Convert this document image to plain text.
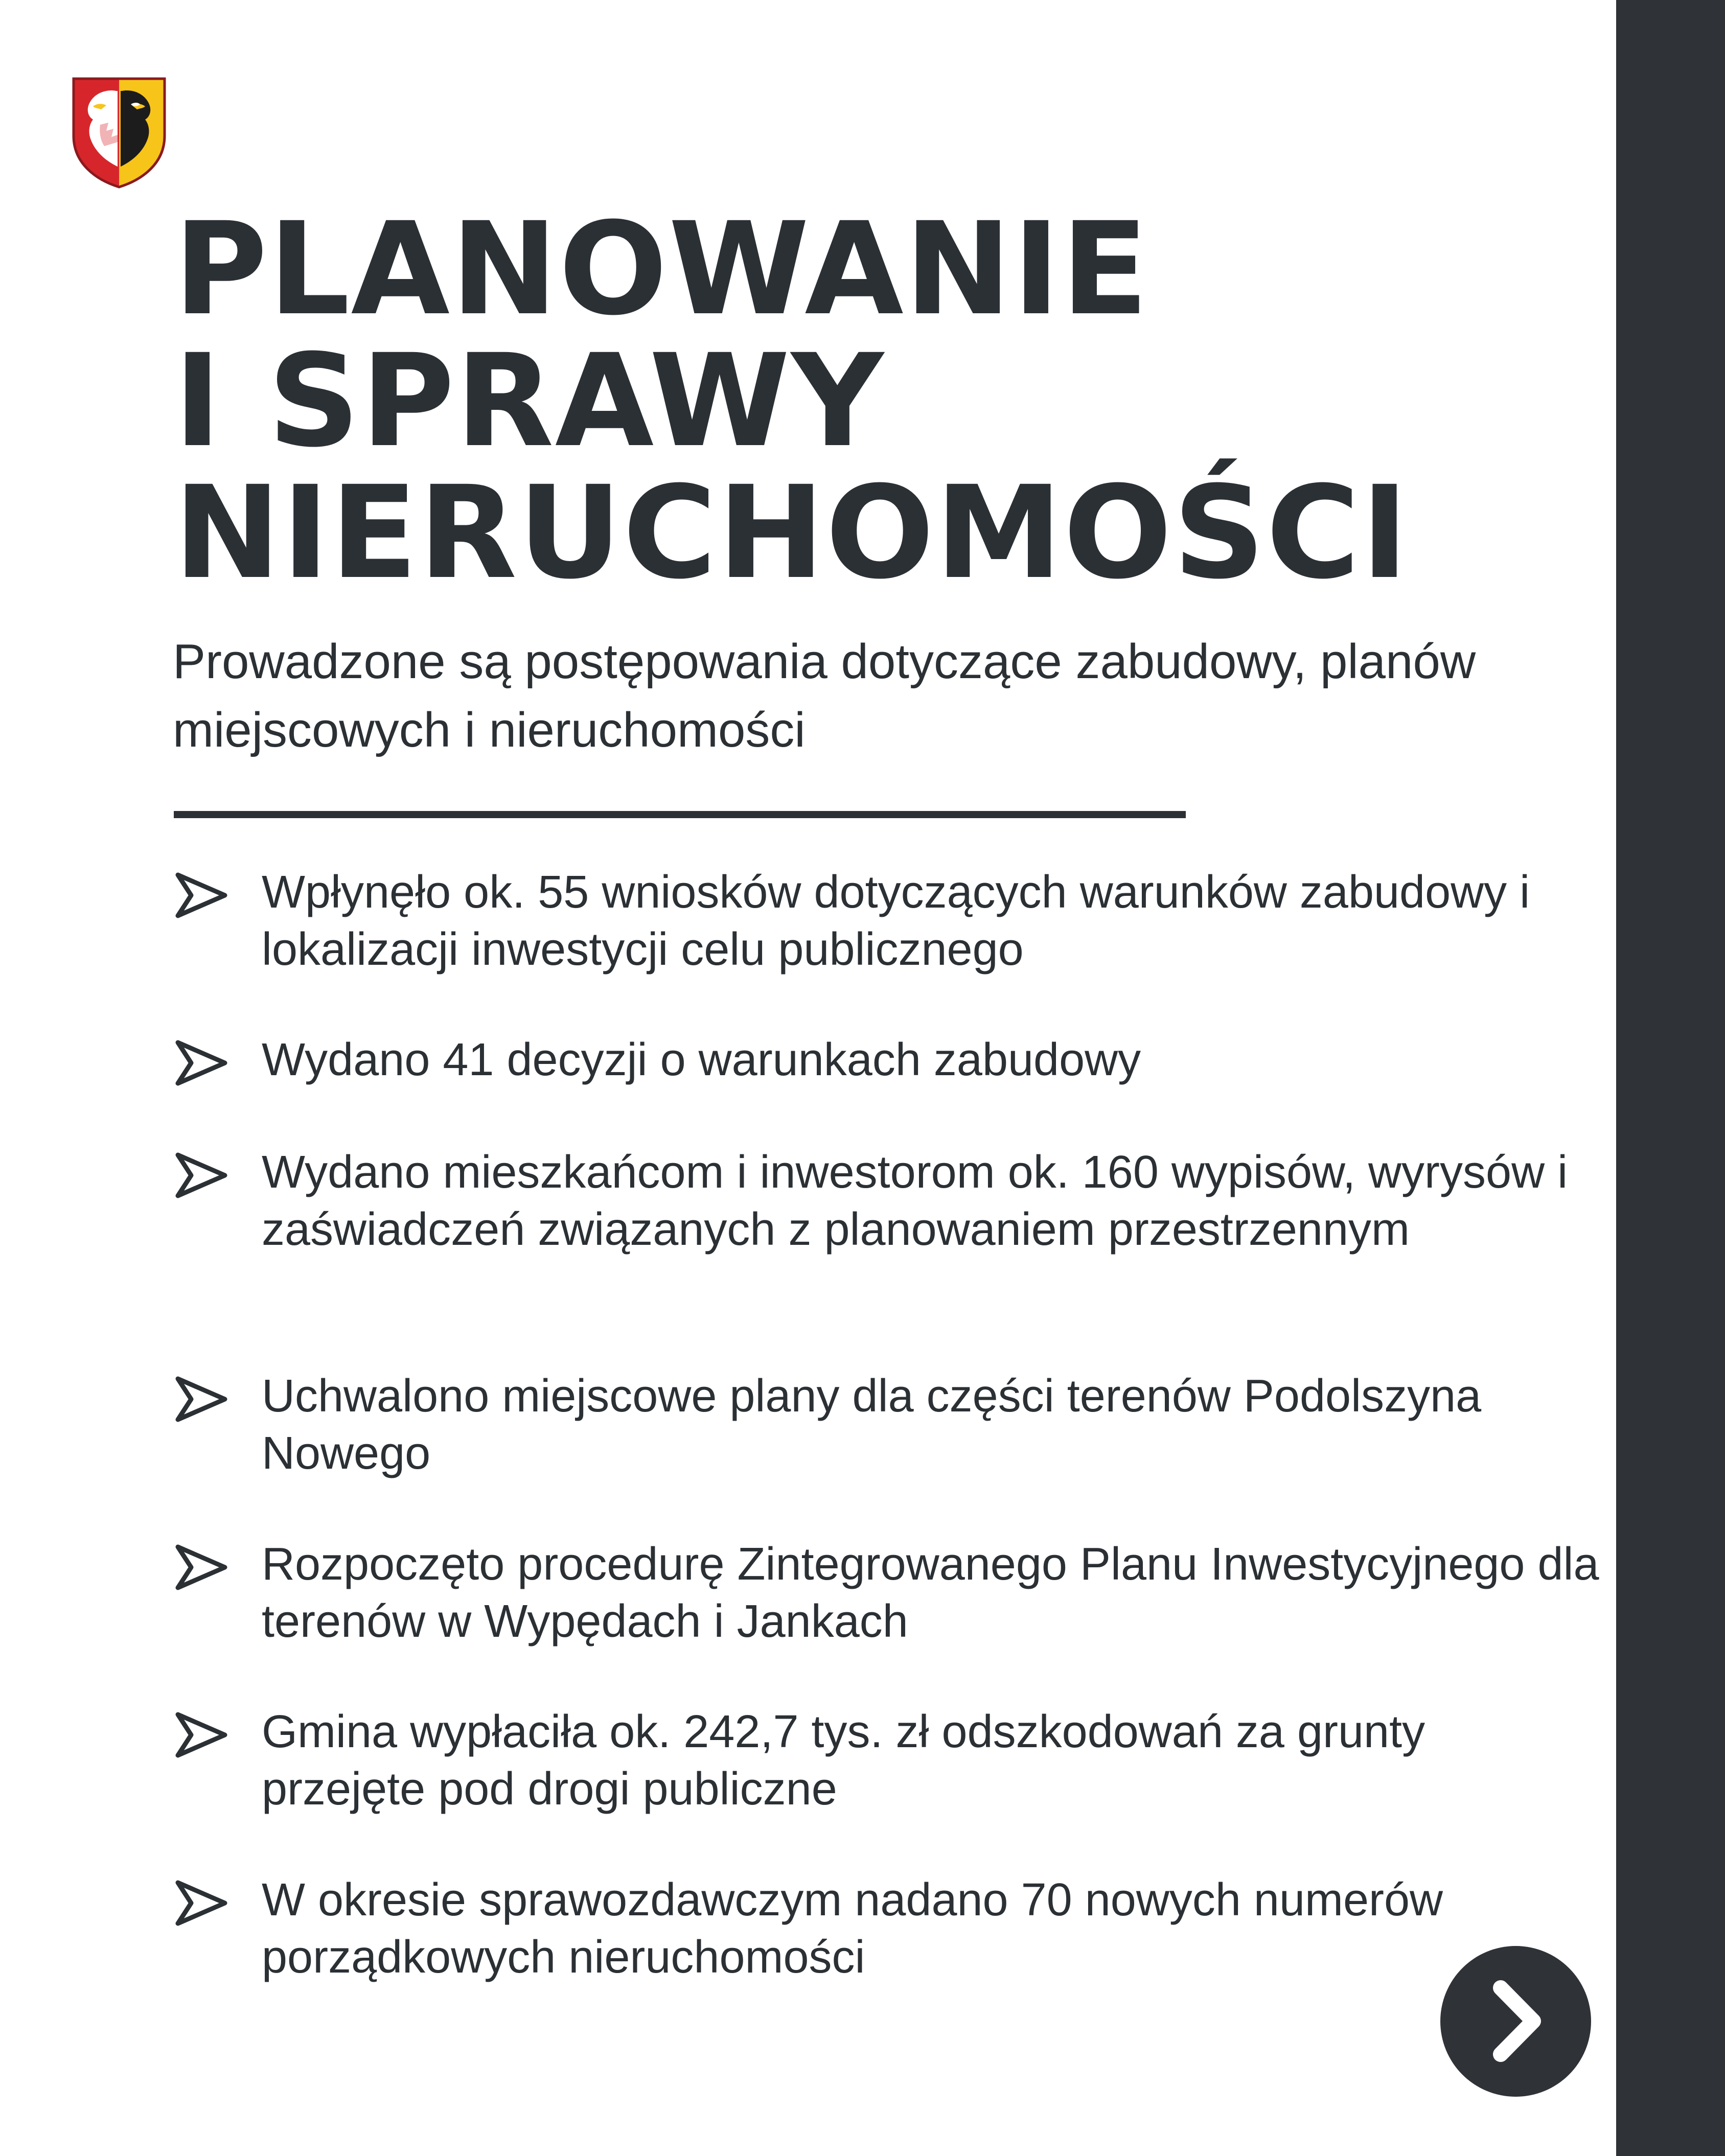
PLANOWANIE
I SPRAWY
NIERUCHOMOŚCI

Prowadzone są postępowania dotyczące zabudowy, planów miejscowych i nieruchomości

Wpłynęło ok. 55 wniosków dotyczących warunków zabudowy i lokalizacji inwestycji celu publicznego
Wydano 41 decyzji o warunkach zabudowy
Wydano mieszkańcom i inwestorom ok. 160 wypisów, wyrysów i zaświadczeń związanych z planowaniem przestrzennym
Uchwalono miejscowe plany dla części terenów Podolszyna Nowego
Rozpoczęto procedurę Zintegrowanego Planu Inwestycyjnego dla terenów w Wypędach i Jankach
Gmina wypłaciła ok. 242,7 tys. zł odszkodowań za grunty przejęte pod drogi publiczne
W okresie sprawozdawczym nadano 70 nowych numerów porządkowych nieruchomości
